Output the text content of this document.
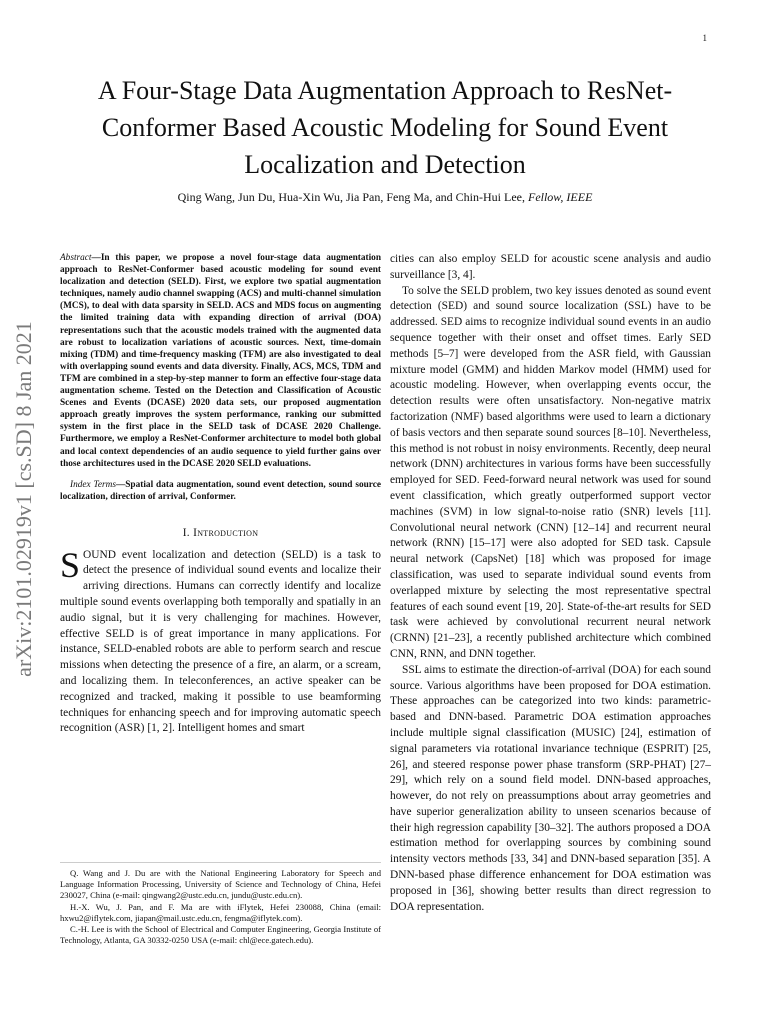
1
arXiv:2101.02919v1 [cs.SD] 8 Jan 2021
A Four-Stage Data Augmentation Approach to ResNet-Conformer Based Acoustic Modeling for Sound Event Localization and Detection
Qing Wang, Jun Du, Hua-Xin Wu, Jia Pan, Feng Ma, and Chin-Hui Lee, Fellow, IEEE

Abstract—In this paper, we propose a novel four-stage data augmentation approach to ResNet-Conformer based acoustic modeling for sound event localization and detection (SELD). First, we explore two spatial augmentation techniques, namely audio channel swapping (ACS) and multi-channel simulation (MCS), to deal with data sparsity in SELD. ACS and MDS focus on augmenting the limited training data with expanding direction of arrival (DOA) representations such that the acoustic models trained with the augmented data are robust to localization variations of acoustic sources. Next, time-domain mixing (TDM) and time-frequency masking (TFM) are also investigated to deal with overlapping sound events and data diversity. Finally, ACS, MCS, TDM and TFM are combined in a step-by-step manner to form an effective four-stage data augmentation scheme. Tested on the Detection and Classification of Acoustic Scenes and Events (DCASE) 2020 data sets, our proposed augmentation approach greatly improves the system performance, ranking our submitted system in the first place in the SELD task of DCASE 2020 Challenge. Furthermore, we employ a ResNet-Conformer architecture to model both global and local context dependencies of an audio sequence to yield further gains over those architectures used in the DCASE 2020 SELD evaluations.

Index Terms—Spatial data augmentation, sound event detection, sound source localization, direction of arrival, Conformer.

I. Introduction

SOUND event localization and detection (SELD) is a task to detect the presence of individual sound events and localize their arriving directions. Humans can correctly identify and localize multiple sound events overlapping both temporally and spatially in an audio signal, but it is very challenging for machines. However, effective SELD is of great importance in many applications. For instance, SELD-enabled robots are able to perform search and rescue missions when detecting the presence of a fire, an alarm, or a scream, and localizing them. In teleconferences, an active speaker can be recognized and tracked, making it possible to use beamforming techniques for enhancing speech and for improving automatic speech recognition (ASR) [1, 2]. Intelligent homes and smart

cities can also employ SELD for acoustic scene analysis and audio surveillance [3, 4].

To solve the SELD problem, two key issues denoted as sound event detection (SED) and sound source localization (SSL) have to be addressed. SED aims to recognize individual sound events in an audio sequence together with their onset and offset times. Early SED methods [5–7] were developed from the ASR field, with Gaussian mixture model (GMM) and hidden Markov model (HMM) used for acoustic modeling. However, when overlapping events occur, the detection results were often unsatisfactory. Non-negative matrix factorization (NMF) based algorithms were used to learn a dictionary of basis vectors and then separate sound sources [8–10]. Nevertheless, this method is not robust in noisy environments. Recently, deep neural network (DNN) architectures in various forms have been successfully employed for SED. Feed-forward neural network was used for sound event classification, which greatly outperformed support vector machines (SVM) in low signal-to-noise ratio (SNR) levels [11]. Convolutional neural network (CNN) [12–14] and recurrent neural network (RNN) [15–17] were also adopted for SED task. Capsule neural network (CapsNet) [18] which was proposed for image classification, was used to separate individual sound events from overlapped mixture by selecting the most representative spectral features of each sound event [19, 20]. State-of-the-art results for SED task were achieved by convolutional recurrent neural network (CRNN) [21–23], a recently published architecture which combined CNN, RNN, and DNN together.

SSL aims to estimate the direction-of-arrival (DOA) for each sound source. Various algorithms have been proposed for DOA estimation. These approaches can be categorized into two kinds: parametric-based and DNN-based. Parametric DOA estimation approaches include multiple signal classification (MUSIC) [24], estimation of signal parameters via rotational invariance technique (ESPRIT) [25, 26], and steered response power phase transform (SRP-PHAT) [27–29], which rely on a sound field model. DNN-based approaches, however, do not rely on preassumptions about array geometries and have superior generalization ability to unseen scenarios because of their high regression capability [30–32]. The authors proposed a DOA estimation method for overlapping sources by combining sound intensity vectors methods [33, 34] and DNN-based separation [35]. A DNN-based phase difference enhancement for DOA estimation was proposed in [36], showing better results than direct regression to DOA representation.

Q. Wang and J. Du are with the National Engineering Laboratory for Speech and Language Information Processing, University of Science and Technology of China, Hefei 230027, China (e-mail: qingwang2@ustc.edu.cn, jundu@ustc.edu.cn).

H.-X. Wu, J. Pan, and F. Ma are with iFlytek, Hefei 230088, China (email: hxwu2@iflytek.com, jiapan@mail.ustc.edu.cn, fengma@iflytek.com).

C.-H. Lee is with the School of Electrical and Computer Engineering, Georgia Institute of Technology, Atlanta, GA 30332-0250 USA (e-mail: chl@ece.gatech.edu).
